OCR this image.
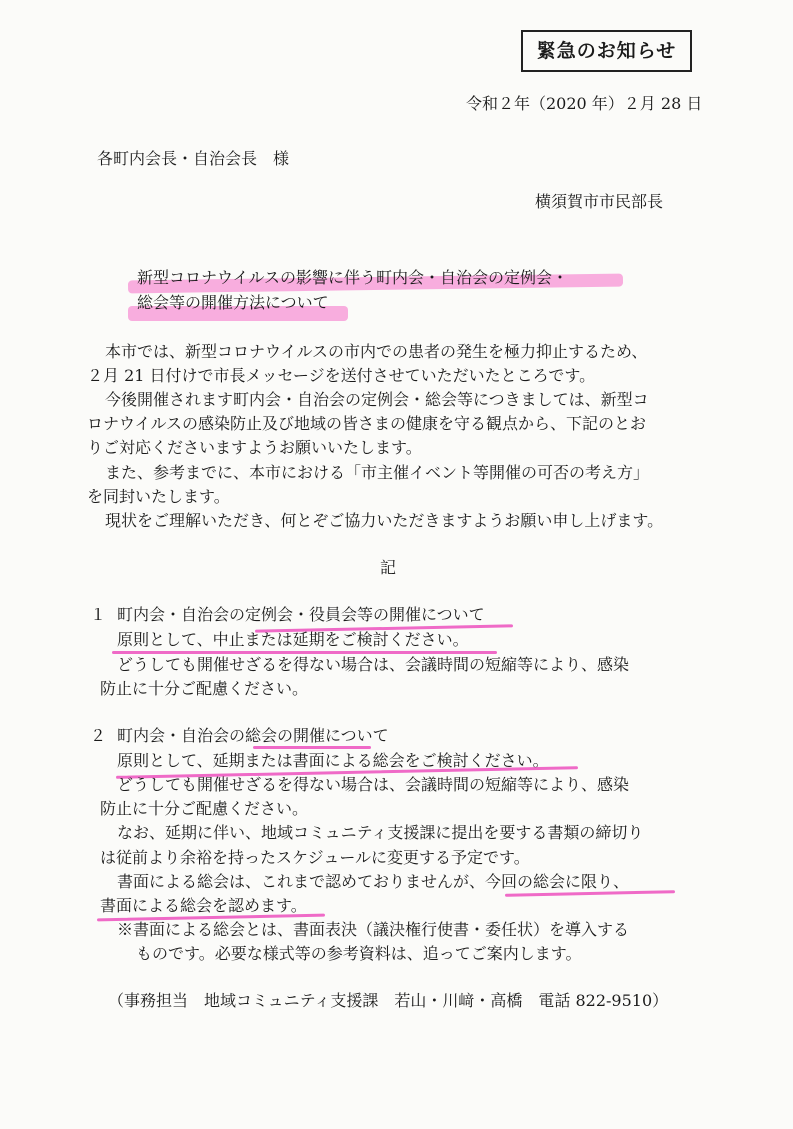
緊急のお知らせ
令和２年（2020 年）２月 28 日
各町内会長・自治会長　様
横須賀市市民部長
新型コロナウイルスの影響に伴う町内会・自治会の定例会・
総会等の開催方法について
本市では、新型コロナウイルスの市内での患者の発生を極力抑止するため、
２月 21 日付けで市長メッセージを送付させていただいたところです。
今後開催されます町内会・自治会の定例会・総会等につきましては、新型コ
ロナウイルスの感染防止及び地域の皆さまの健康を守る観点から、下記のとお
りご対応くださいますようお願いいたします。
また、参考までに、本市における「市主催イベント等開催の可否の考え方」
を同封いたします。
現状をご理解いただき、何とぞご協力いただきますようお願い申し上げます。
記
１ 町内会・自治会の定例会・役員会等の開催について
原則として、中止または延期をご検討ください。
どうしても開催せざるを得ない場合は、会議時間の短縮等により、感染
防止に十分ご配慮ください。
２ 町内会・自治会の総会の開催について
原則として、延期または書面による総会をご検討ください。
どうしても開催せざるを得ない場合は、会議時間の短縮等により、感染
防止に十分ご配慮ください。
なお、延期に伴い、地域コミュニティ支援課に提出を要する書類の締切り
は従前より余裕を持ったスケジュールに変更する予定です。
書面による総会は、これまで認めておりませんが、今回の総会に限り、
書面による総会を認めます。
※書面による総会とは、書面表決（議決権行使書・委任状）を導入する
ものです。必要な様式等の参考資料は、追ってご案内します。
（事務担当　地域コミュニティ支援課　若山・川﨑・高橋　電話 822-9510）
